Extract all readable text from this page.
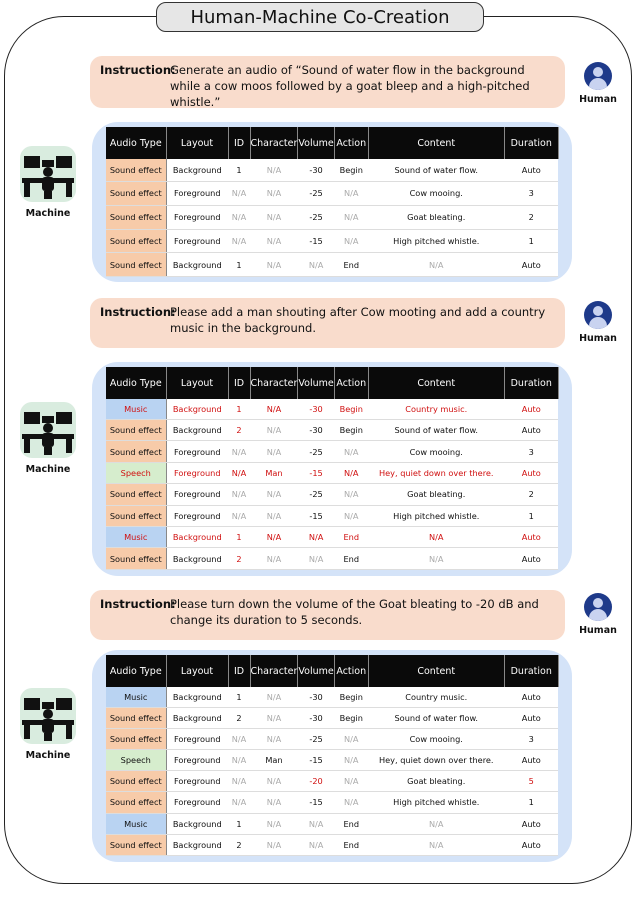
Human-Machine Co-Creation
Instruction:
Generate an audio of “Sound of water flow in the background while a cow moos followed by a goat bleep and a high-pitched whistle.”	Human
Machine
Audio Type	Layout	ID	Character	Volume	Action	Content	Duration
Sound effect	Background	1	N/A	-30	Begin	Sound of water flow.	Auto
Sound effect	Foreground	N/A	N/A	-25	N/A	Cow mooing.	3
Sound effect	Foreground	N/A	N/A	-25	N/A	Goat bleating.	2
Sound effect	Foreground	N/A	N/A	-15	N/A	High pitched whistle.	1
Sound effect	Background	1	N/A	N/A	End	N/A	Auto
Instruction:
Please add a man shouting after Cow mooting and add a country music in the background.
Human
Machine
Audio Type	Layout	ID	Character	Volume	Action	Content	Duration
Music	Background	1	N/A	-30	Begin	Country music.	Auto
Sound effect	Background	2	N/A	-30	Begin	Sound of water flow.	Auto
Sound effect	Foreground	N/A	N/A	-25	N/A	Cow mooing.	3
Speech	Foreground	N/A	Man	-15	N/A	Hey, quiet down over there.	Auto
Sound effect	Foreground	N/A	N/A	-25	N/A	Goat bleating.	2
Sound effect	Foreground	N/A	N/A	-15	N/A	High pitched whistle.	1
Music	Background	1	N/A	N/A	End	N/A	Auto
Sound effect	Background	2	N/A	N/A	End	N/A	Auto
Instruction:
Please turn down the volume of the Goat bleating to -20 dB and change its duration to 5 seconds.
Human
Machine
Audio Type	Layout	ID	Character	Volume	Action	Content	Duration
Music	Background	1	N/A	-30	Begin	Country music.	Auto
Sound effect	Background	2	N/A	-30	Begin	Sound of water flow.	Auto
Sound effect	Foreground	N/A	N/A	-25	N/A	Cow mooing.	3
Speech	Foreground	N/A	Man	-15	N/A	Hey, quiet down over there.	Auto
Sound effect	Foreground	N/A	N/A	-20	N/A	Goat bleating.	5
Sound effect	Foreground	N/A	N/A	-15	N/A	High pitched whistle.	1
Music	Background	1	N/A	N/A	End	N/A	Auto
Sound effect	Background	2	N/A	N/A	End	N/A	Auto
